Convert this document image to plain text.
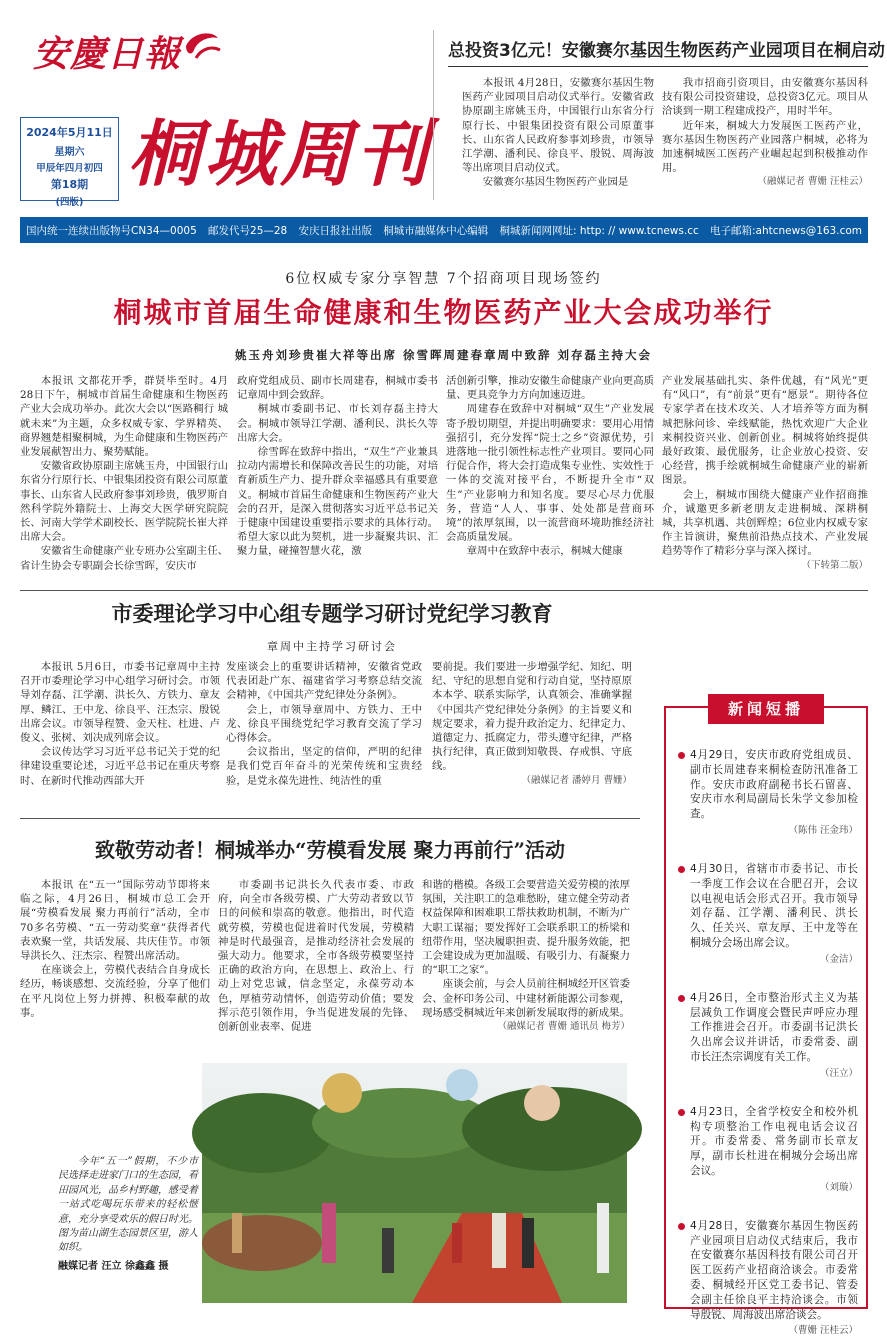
安慶日報
2024年5月11日
星期六
甲辰年四月初四
第18期
(四版)
桐城周刊
总投资3亿元！安徽赛尔基因生物医药产业园项目在桐启动

本报讯 4月28日，安徽赛尔基因生物医药产业园项目启动仪式举行。安徽省政协原副主席姚玉舟，中国银行山东省分行原行长、中银集团投资有限公司原董事长、山东省人民政府参事刘珍贵，市领导江学潮、潘利民、徐良平、殷锐、周海波等出席项目启动仪式。

安徽赛尔基因生物医药产业园是

我市招商引资项目，由安徽赛尔基因科技有限公司投资建设，总投资3亿元。项目从洽谈到一期工程建成投产，用时半年。

近年来，桐城大力发展医工医药产业，赛尔基因生物医药产业园落户桐城，必将为加速桐城医工医药产业崛起起到积极推动作用。

（融媒记者 曹姗 汪桂云）
国内统一连续出版物号CN34—0005 邮发代号25—28 安庆日报社出版 桐城市融媒体中心编辑 桐城新闻网网址: http: // www.tcnews.cc 电子邮箱:ahtcnews@163.com
6位权威专家分享智慧 7个招商项目现场签约
桐城市首届生命健康和生物医药产业大会成功举行
姚玉舟刘珍贵崔大祥等出席 徐雪晖周建春章周中致辞 刘存磊主持大会

本报讯 文都花开季，群贤毕至时。4月28日下午，桐城市首届生命健康和生物医药产业大会成功举办。此次大会以“医路稠行 城就未来”为主题，众多权威专家、学界精英、商界翘楚相聚桐城，为生命健康和生物医药产业发展献智出力、聚势赋能。

安徽省政协原副主席姚玉舟，中国银行山东省分行原行长、中银集团投资有限公司原董事长、山东省人民政府参事刘珍贵，俄罗斯自然科学院外籍院士、上海交大医学研究院院长、河南大学学术副校长、医学院院长崔大祥出席大会。

安徽省生命健康产业专班办公室副主任、省计生协会专职副会长徐雪晖，安庆市

政府党组成员、副市长周建春，桐城市委书记章周中到会致辞。

桐城市委副书记、市长刘存磊主持大会。桐城市领导江学潮、潘利民、洪长久等出席大会。

徐雪晖在致辞中指出，“双生”产业兼具拉动内需增长和保障改善民生的功能，对培育新质生产力、提升群众幸福感具有重要意义。桐城市首届生命健康和生物医药产业大会的召开，是深入贯彻落实习近平总书记关于健康中国建设重要指示要求的具体行动。希望大家以此为契机，进一步凝聚共识、汇聚力量，碰撞智慧火花，激

活创新引擎，推动安徽生命健康产业向更高质量、更具竞争力方向加速迈进。

周建春在致辞中对桐城“双生”产业发展寄予殷切期望，并提出明确要求：要用心用情强招引，充分发挥“院士之乡”资源优势，引进落地一批引领性标志性产业项目。要同心同行促合作，将大会打造成集专业性、实效性于一体的交流对接平台，不断提升全市“双生”产业影响力和知名度。要尽心尽力优服务，营造“人人、事事、处处都是营商环境”的浓厚氛围，以一流营商环境助推经济社会高质量发展。

章周中在致辞中表示，桐城大健康

产业发展基础扎实、条件优越，有“风光”更有“风口”，有“前景”更有“愿景”。期待各位专家学者在技术攻关、人才培养等方面为桐城把脉问诊、牵线赋能，热忱欢迎广大企业来桐投资兴业、创新创业。桐城将始终提供最好政策、最优服务，让企业放心投资、安心经营，携手绘就桐城生命健康产业的崭新图景。

会上，桐城市围绕大健康产业作招商推介，诚邀更多新老朋友走进桐城、深耕桐城，共享机遇、共创辉煌；6位业内权威专家作主旨演讲，聚焦前沿热点技术、产业发展趋势等作了精彩分享与深入探讨。

（下转第二版）
市委理论学习中心组专题学习研讨党纪学习教育
章周中主持学习研讨会

本报讯 5月6日，市委书记章周中主持召开市委理论学习中心组学习研讨会。市领导刘存磊、江学潮、洪长久、方铁力、章友厚、鳞江、王中龙、徐良平、汪杰宗、殷锐出席会议。市领导程赞、金天柱、杜进、卢俊义、张树、刘决成列席会议。

会议传达学习习近平总书记关于党的纪律建设重要论述，习近平总书记在重庆考察时、在新时代推动西部大开

发座谈会上的重要讲话精神，安徽省党政代表团赴广东、福建省学习考察总结交流会精神，《中国共产党纪律处分条例》。

会上，市领导章周中、方铁力、王中龙、徐良平围绕党纪学习教育交流了学习心得体会。

会议指出，坚定的信仰，严明的纪律是我们党百年奋斗的光荣传统和宝贵经验，是党永葆先进性、纯洁性的重

要前提。我们要进一步增强学纪、知纪、明纪、守纪的思想自觉和行动自觉，坚持原原本本学、联系实际学，认真领会、准确掌握《中国共产党纪律处分条例》的主旨要义和规定要求，着力提升政治定力、纪律定力、道德定力、抵腐定力，带头遵守纪律，严格执行纪律，真正做到知敬畏、存戒惧、守底线。

（融媒记者 潘婷月 曹姗）
致敬劳动者！桐城举办“劳模看发展 聚力再前行”活动

本报讯 在“五一”国际劳动节即将来临之际，4月26日，桐城市总工会开展“劳模看发展 聚力再前行”活动，全市70多名劳模、“五一劳动奖章”获得者代表欢聚一堂，共话发展、共庆佳节。市领导洪长久、汪杰宗、程赞出席活动。

在座谈会上，劳模代表结合自身成长经历，畅谈感想、交流经验，分享了他们在平凡岗位上努力拼搏、积极奉献的故事。

市委副书记洪长久代表市委、市政府，向全市各级劳模、广大劳动者致以节日的问候和崇高的敬意。他指出，时代造就劳模，劳模也促进着时代发展，劳模精神是时代最强音，是推动经济社会发展的强大动力。他要求，全市各级劳模要坚持正确的政治方向，在思想上、政治上、行动上对党忠诚，信念坚定，永葆劳动本色，厚植劳动情怀，创造劳动价值；要发挥示范引领作用，争当促进发展的先锋、创新创业表率、促进

和谐的楷模。各级工会要营造关爱劳模的浓厚氛围，关注职工的急难愁盼，建立健全劳动者权益保障和困难职工帮扶救助机制，不断为广大职工谋福；要发挥好工会联系职工的桥梁和纽带作用，坚决履职担责、提升服务效能，把工会建设成为更加温暖、有吸引力、有凝聚力的“职工之家”。

座谈会前，与会人员前往桐城经开区管委会、金杯印务公司、中建材新能源公司参观，现场感受桐城近年来创新发展取得的新成果。

（融媒记者 曹姗 通讯员 梅芳）

今年“五一”假期，不少市民选择走进家门口的生态园，看田园风光，品乡村野趣，感受着一站式吃喝玩乐带来的轻松惬意，充分享受欢乐的假日时光。图为苗山湖生态园景区里，游人如织。

融媒记者 汪立 徐鑫鑫 摄

新闻短播

4月29日，安庆市政府党组成员、副市长周建春来桐检查防汛准备工作。安庆市政府副秘书长石留喜、安庆市水利局副局长朱学文参加检查。

（陈伟 汪金玮）

4月30日，省辖市市委书记、市长一季度工作会议在合肥召开，会议以电视电话会形式召开。我市领导刘存磊、江学潮、潘利民、洪长久、任关兴、章友厚、王中龙等在桐城分会场出席会议。

（金洁）

4月26日，全市整治形式主义为基层减负工作调度会暨民声呼应办理工作推进会召开。市委副书记洪长久出席会议并讲话，市委常委、副市长汪杰宗调度有关工作。

（汪立）

4月23日，全省学校安全和校外机构专项整治工作电视电话会议召开。市委常委、常务副市长章友厚，副市长杜进在桐城分会场出席会议。

（刘璇）

4月28日，安徽赛尔基因生物医药产业园项目启动仪式结束后，我市在安徽赛尔基因科技有限公司召开医工医药产业招商洽谈会。市委常委、桐城经开区党工委书记、管委会副主任徐良平主持洽谈会。市领导殷锐、周海波出席洽谈会。

（曹姗 汪桂云）
